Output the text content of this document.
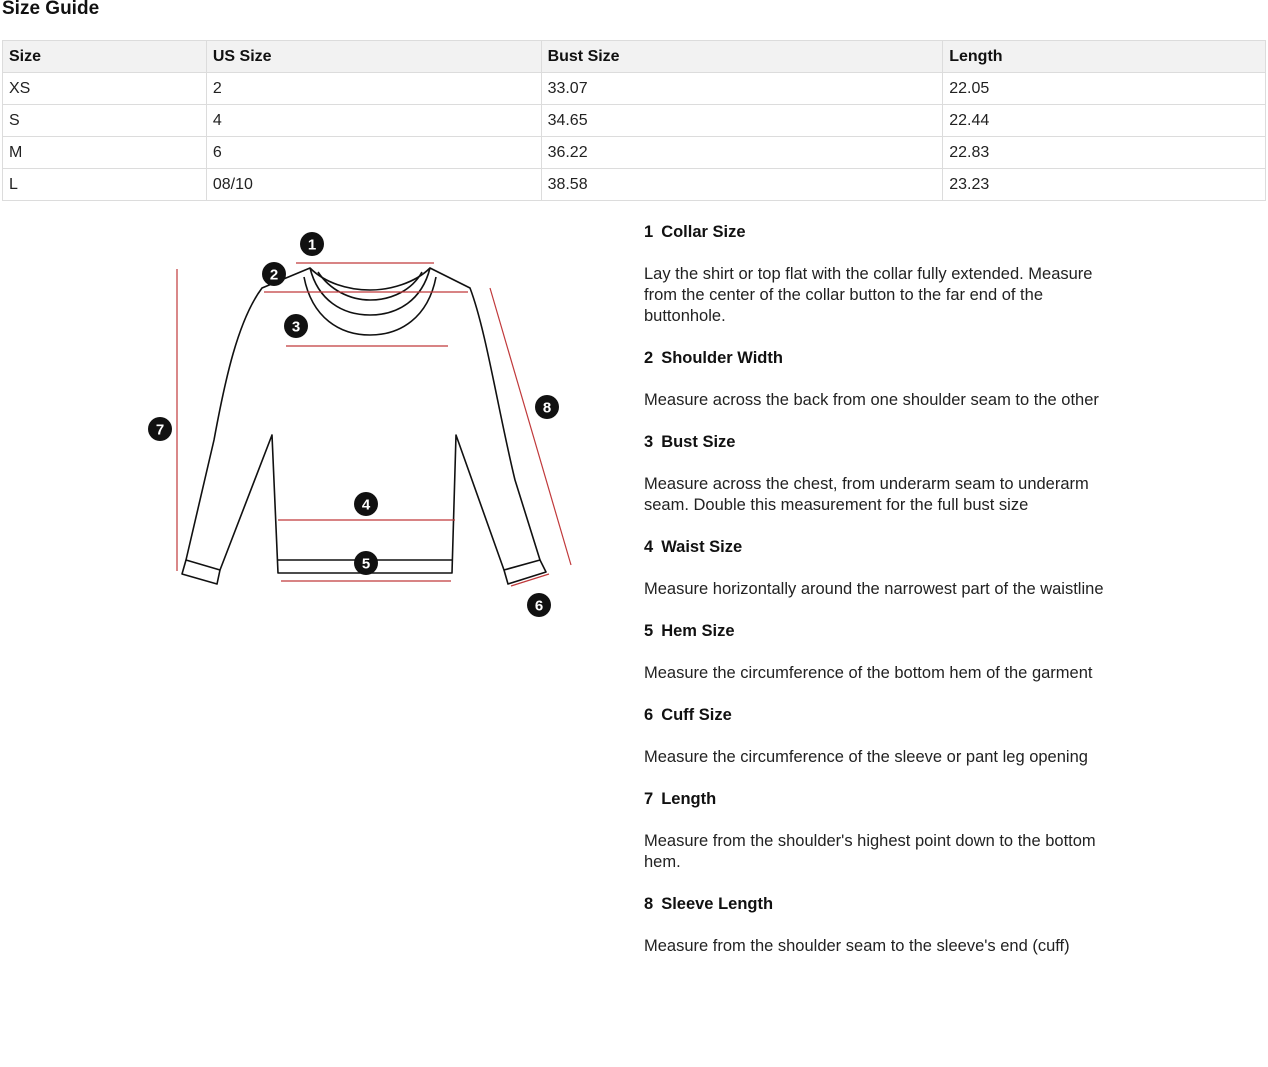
Size Guide
Size	US Size	Bust Size	Length
XS	2	33.07	22.05
S	4	34.65	22.44
M	6	36.22	22.83
L	08/10	38.58	23.23
1
2
3
4
5
6
7
8

1 Collar Size

Lay the shirt or top flat with the collar fully extended. Measure from the center of the collar button to the far end of the buttonhole.

2 Shoulder Width

Measure across the back from one shoulder seam to the other

3 Bust Size

Measure across the chest, from underarm seam to underarm seam. Double this measurement for the full bust size

4 Waist Size

Measure horizontally around the narrowest part of the waistline

5 Hem Size

Measure the circumference of the bottom hem of the garment

6 Cuff Size

Measure the circumference of the sleeve or pant leg opening

7 Length

Measure from the shoulder's highest point down to the bottom hem.

8 Sleeve Length

Measure from the shoulder seam to the sleeve's end (cuff)
